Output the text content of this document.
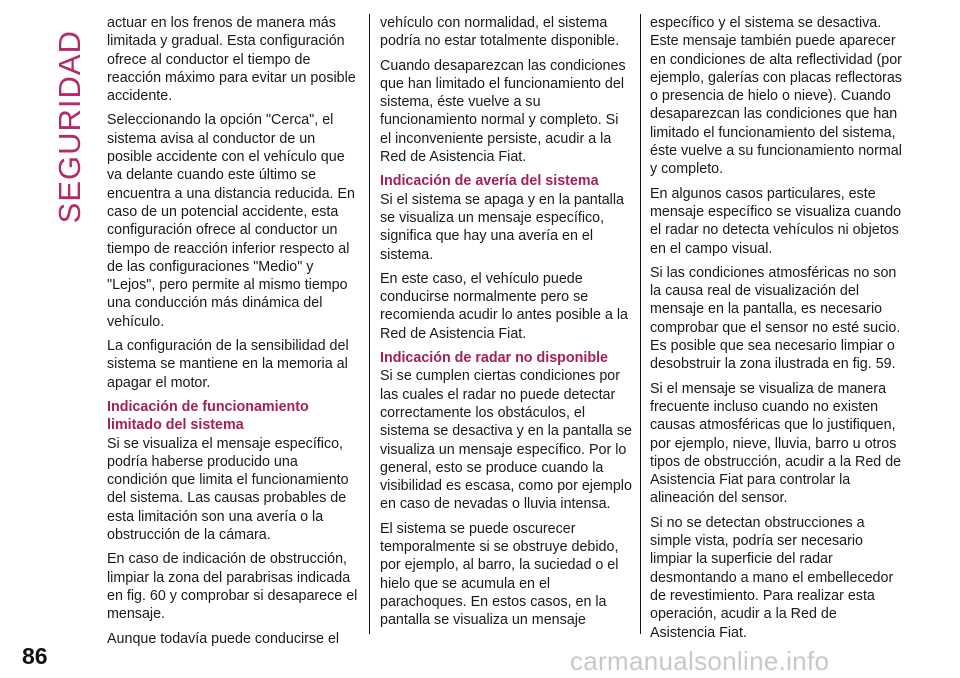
SEGURIDAD

actuar en los frenos de manera más limitada y gradual. Esta configuración ofrece al conductor el tiempo de reacción máximo para evitar un posible accidente.

Seleccionando la opción "Cerca", el sistema avisa al conductor de un posible accidente con el vehículo que va delante cuando este último se encuentra a una distancia reducida. En caso de un potencial accidente, esta configuración ofrece al conductor un tiempo de reacción inferior respecto al de las configuraciones "Medio" y "Lejos", pero permite al mismo tiempo una conducción más dinámica del vehículo.

La configuración de la sensibilidad del sistema se mantiene en la memoria al apagar el motor.

Indicación de funcionamiento limitado del sistema

Si se visualiza el mensaje específico, podría haberse producido una condición que limita el funcionamiento del sistema. Las causas probables de esta limitación son una avería o la obstrucción de la cámara.

En caso de indicación de obstrucción, limpiar la zona del parabrisas indicada en fig. 60 y comprobar si desaparece el mensaje.

Aunque todavía puede conducirse el

vehículo con normalidad, el sistema podría no estar totalmente disponible.

Cuando desaparezcan las condiciones que han limitado el funcionamiento del sistema, éste vuelve a su funcionamiento normal y completo. Si el inconveniente persiste, acudir a la Red de Asistencia Fiat.

Indicación de avería del sistema

Si el sistema se apaga y en la pantalla se visualiza un mensaje específico, significa que hay una avería en el sistema.

En este caso, el vehículo puede conducirse normalmente pero se recomienda acudir lo antes posible a la Red de Asistencia Fiat.

Indicación de radar no disponible

Si se cumplen ciertas condiciones por las cuales el radar no puede detectar correctamente los obstáculos, el sistema se desactiva y en la pantalla se visualiza un mensaje específico. Por lo general, esto se produce cuando la visibilidad es escasa, como por ejemplo en caso de nevadas o lluvia intensa.

El sistema se puede oscurecer temporalmente si se obstruye debido, por ejemplo, al barro, la suciedad o el hielo que se acumula en el parachoques. En estos casos, en la pantalla se visualiza un mensaje

específico y el sistema se desactiva. Este mensaje también puede aparecer en condiciones de alta reflectividad (por ejemplo, galerías con placas reflectoras o presencia de hielo o nieve). Cuando desaparezcan las condiciones que han limitado el funcionamiento del sistema, éste vuelve a su funcionamiento normal y completo.

En algunos casos particulares, este mensaje específico se visualiza cuando el radar no detecta vehículos ni objetos en el campo visual.

Si las condiciones atmosféricas no son la causa real de visualización del mensaje en la pantalla, es necesario comprobar que el sensor no esté sucio. Es posible que sea necesario limpiar o desobstruir la zona ilustrada en fig. 59.

Si el mensaje se visualiza de manera frecuente incluso cuando no existen causas atmosféricas que lo justifiquen, por ejemplo, nieve, lluvia, barro u otros tipos de obstrucción, acudir a la Red de Asistencia Fiat para controlar la alineación del sensor.

Si no se detectan obstrucciones a simple vista, podría ser necesario limpiar la superficie del radar desmontando a mano el embellecedor de revestimiento. Para realizar esta operación, acudir a la Red de Asistencia Fiat.

86	carmanualsonline.info
